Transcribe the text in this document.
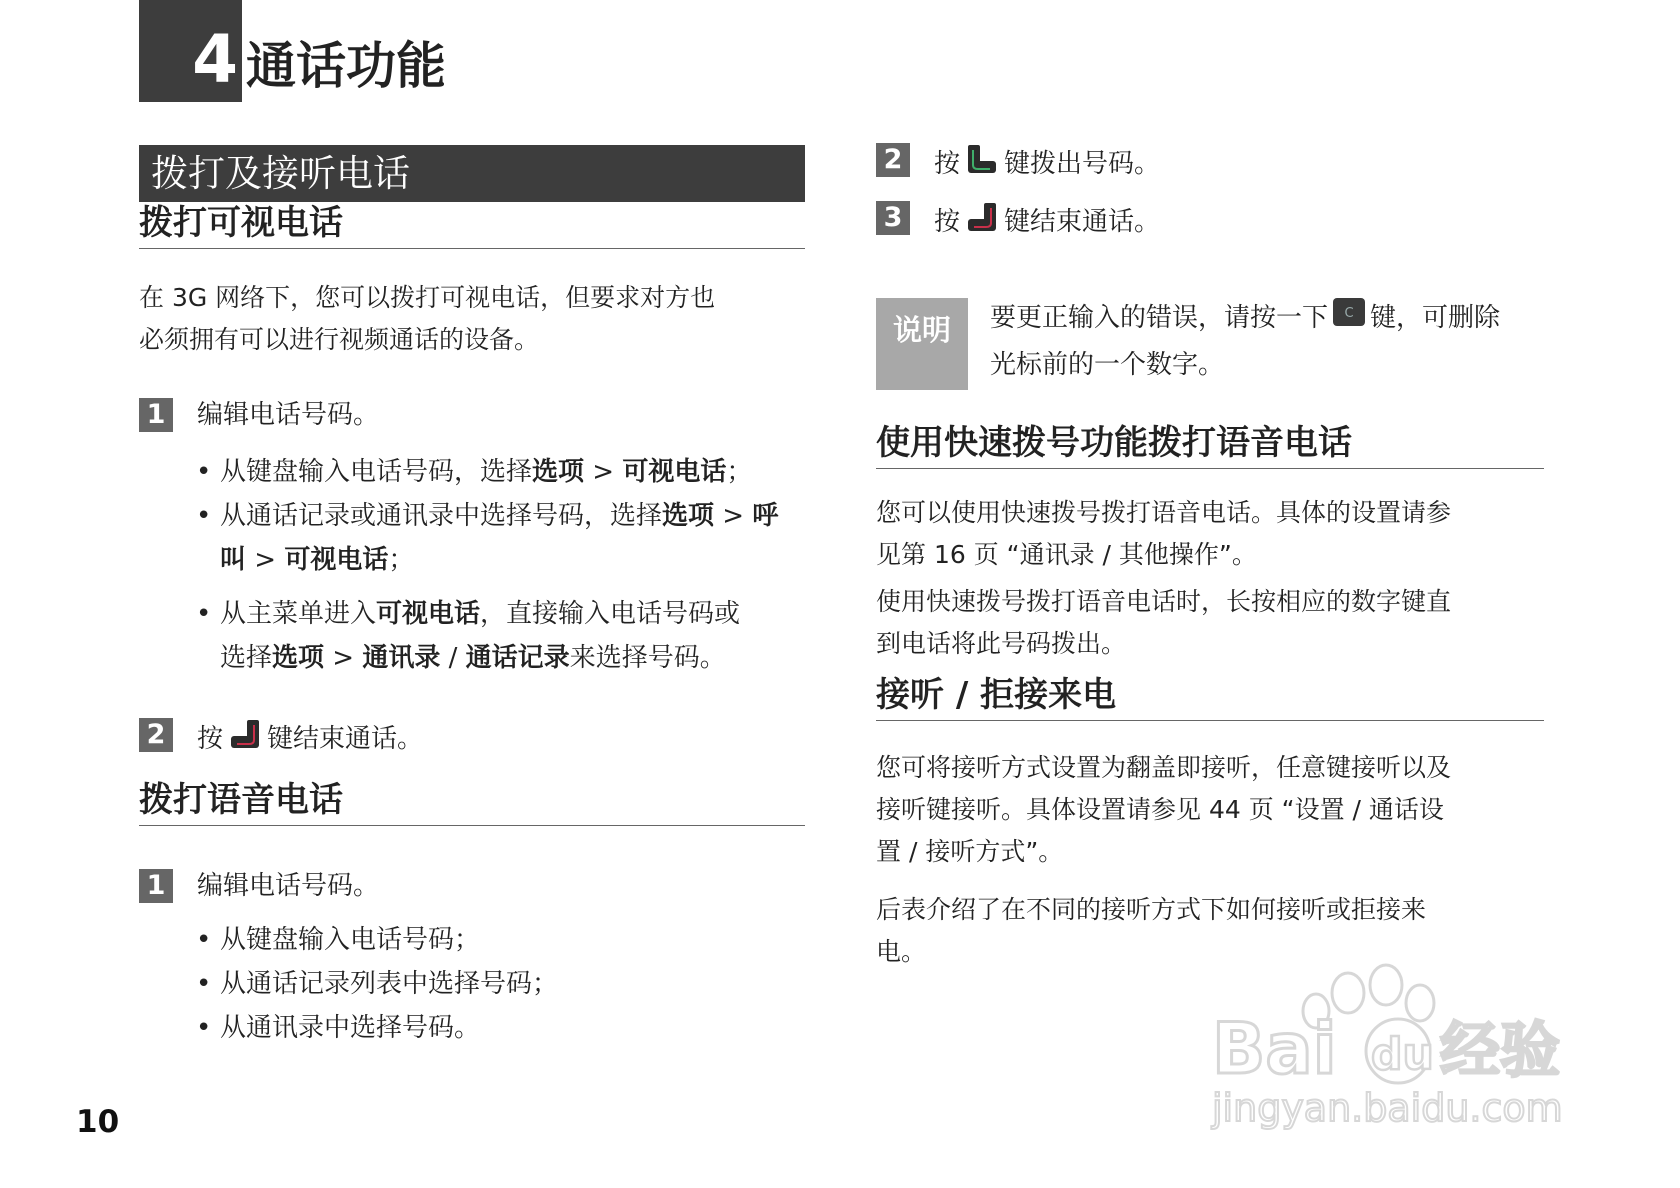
4 通话功能
拨打及接听电话
拨打可视电话
在 3G 网络下，您可以拨打可视电话，但要求对方也
必须拥有可以进行视频通话的设备。
1 编辑电话号码。
• 从键盘输入电话号码，选择选项 > 可视电话；
• 从通话记录或通讯录中选择号码，选择选项 > 呼
叫 > 可视电话；
• 从主菜单进入可视电话，直接输入电话号码或
选择选项 > 通讯录 / 通话记录来选择号码。
2 按 键结束通话。
拨打语音电话
1 编辑电话号码。
• 从键盘输入电话号码；
• 从通话记录列表中选择号码；
• 从通讯录中选择号码。
2 按 键拨出号码。
3 按 键结束通话。
说明	要更正输入的错误，请按一下 C 键，可删除
光标前的一个数字。
使用快速拨号功能拨打语音电话
您可以使用快速拨号拨打语音电话。具体的设置请参
见第 16 页 “通讯录 / 其他操作”。
使用快速拨号拨打语音电话时，长按相应的数字键直
到电话将此号码拨出。
接听 / 拒接来电
您可将接听方式设置为翻盖即接听，任意键接听以及
接听键接听。具体设置请参见 44 页 “设置 / 通话设
置 / 接听方式”。
后表介绍了在不同的接听方式下如何接听或拒接来
电。
10
Bai du 经验
jingyan.baidu.com
